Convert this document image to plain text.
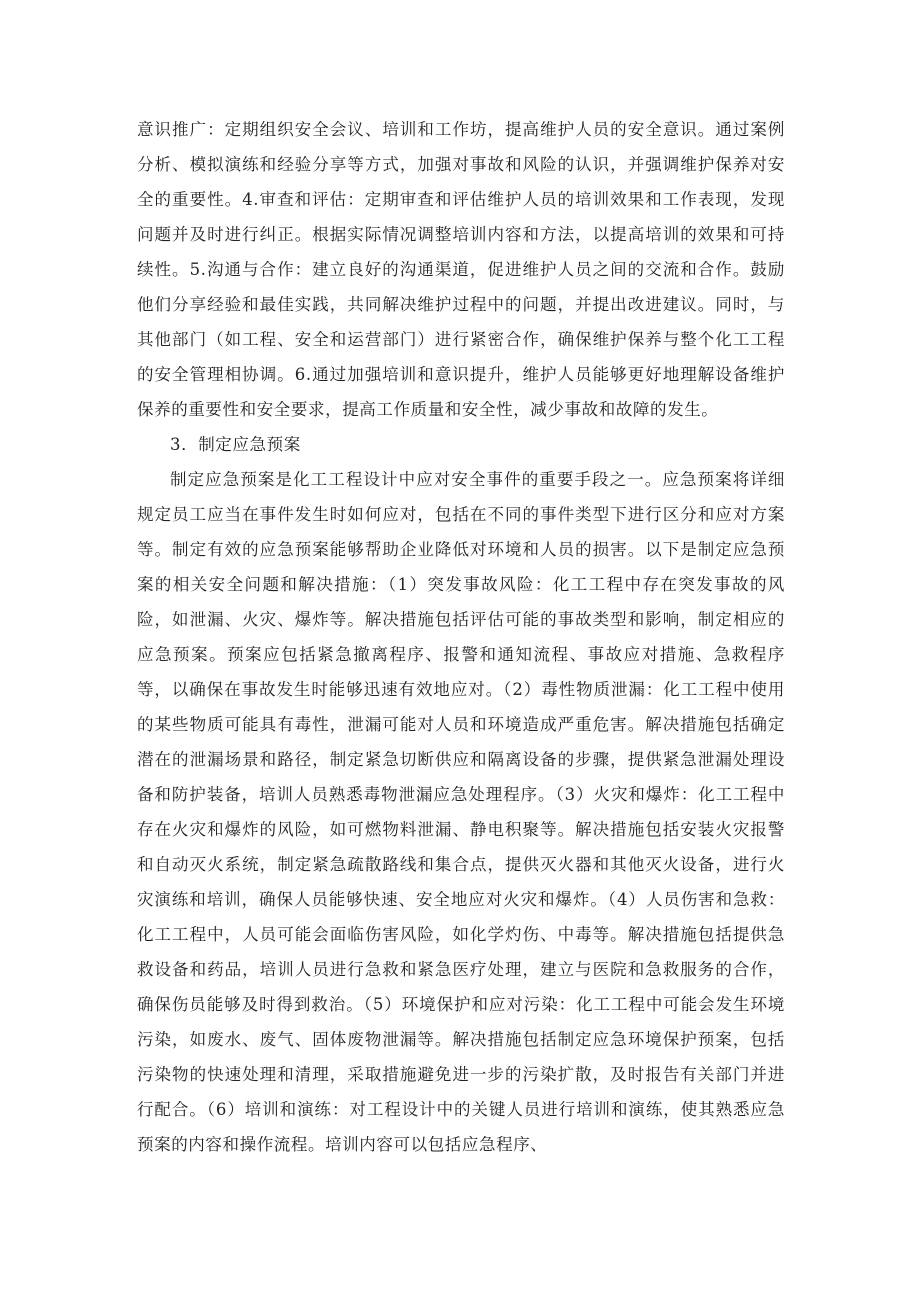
意识推广：定期组织安全会议、培训和工作坊，提高维护人员的安全意识。通过案例分析、模拟演练和经验分享等方式，加强对事故和风险的认识，并强调维护保养对安全的重要性。4.审查和评估：定期审查和评估维护人员的培训效果和工作表现，发现问题并及时进行纠正。根据实际情况调整培训内容和方法，以提高培训的效果和可持续性。5.沟通与合作：建立良好的沟通渠道，促进维护人员之间的交流和合作。鼓励他们分享经验和最佳实践，共同解决维护过程中的问题，并提出改进建议。同时，与其他部门（如工程、安全和运营部门）进行紧密合作，确保维护保养与整个化工工程的安全管理相协调。6.通过加强培训和意识提升，维护人员能够更好地理解设备维护保养的重要性和安全要求，提高工作质量和安全性，减少事故和故障的发生。

3．制定应急预案

制定应急预案是化工工程设计中应对安全事件的重要手段之一。应急预案将详细规定员工应当在事件发生时如何应对，包括在不同的事件类型下进行区分和应对方案等。制定有效的应急预案能够帮助企业降低对环境和人员的损害。以下是制定应急预案的相关安全问题和解决措施：（1）突发事故风险：化工工程中存在突发事故的风险，如泄漏、火灾、爆炸等。解决措施包括评估可能的事故类型和影响，制定相应的应急预案。预案应包括紧急撤离程序、报警和通知流程、事故应对措施、急救程序等，以确保在事故发生时能够迅速有效地应对。（2）毒性物质泄漏：化工工程中使用的某些物质可能具有毒性，泄漏可能对人员和环境造成严重危害。解决措施包括确定潜在的泄漏场景和路径，制定紧急切断供应和隔离设备的步骤，提供紧急泄漏处理设备和防护装备，培训人员熟悉毒物泄漏应急处理程序。（3）火灾和爆炸：化工工程中存在火灾和爆炸的风险，如可燃物料泄漏、静电积聚等。解决措施包括安装火灾报警和自动灭火系统，制定紧急疏散路线和集合点，提供灭火器和其他灭火设备，进行火灾演练和培训，确保人员能够快速、安全地应对火灾和爆炸。（4）人员伤害和急救：化工工程中，人员可能会面临伤害风险，如化学灼伤、中毒等。解决措施包括提供急救设备和药品，培训人员进行急救和紧急医疗处理，建立与医院和急救服务的合作，确保伤员能够及时得到救治。（5）环境保护和应对污染：化工工程中可能会发生环境污染，如废水、废气、固体废物泄漏等。解决措施包括制定应急环境保护预案，包括污染物的快速处理和清理，采取措施避免进一步的污染扩散，及时报告有关部门并进行配合。（6）培训和演练：对工程设计中的关键人员进行培训和演练，使其熟悉应急预案的内容和操作流程。培训内容可以包括应急程序、
